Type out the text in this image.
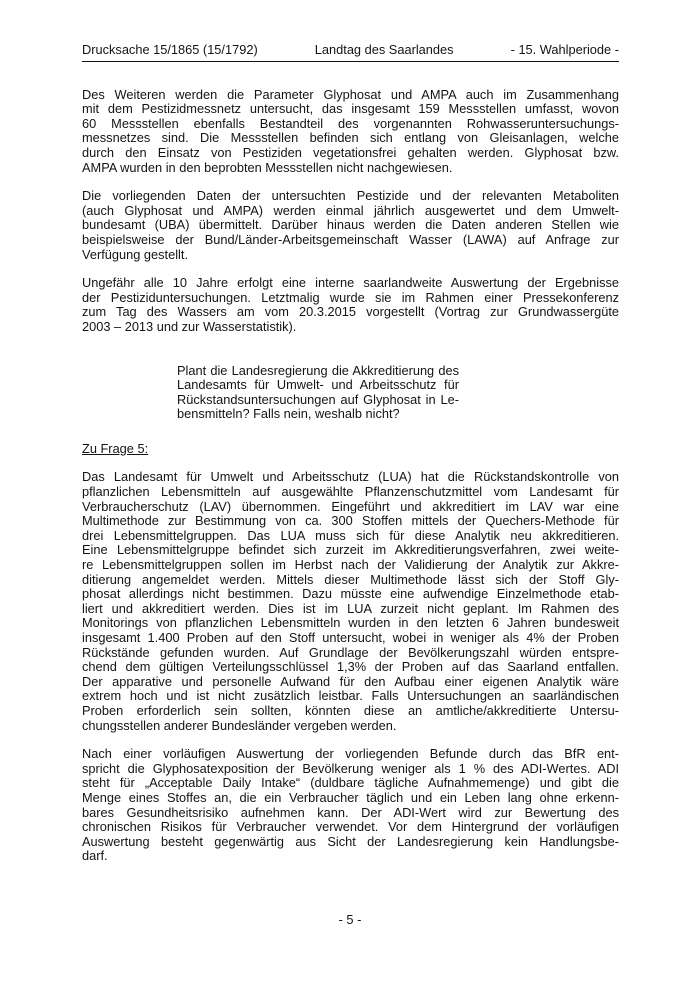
Drucksache 15/1865 (15/1792)	Landtag des Saarlandes	- 15. Wahlperiode -
Des Weiteren werden die Parameter Glyphosat und AMPA auch im Zusammenhang
mit dem Pestizidmessnetz untersucht, das insgesamt 159 Messstellen umfasst, wovon
60 Messstellen ebenfalls Bestandteil des vorgenannten Rohwasseruntersuchungs-
messnetzes sind. Die Messstellen befinden sich entlang von Gleisanlagen, welche
durch den Einsatz von Pestiziden vegetationsfrei gehalten werden. Glyphosat bzw.
AMPA wurden in den beprobten Messstellen nicht nachgewiesen.
Die vorliegenden Daten der untersuchten Pestizide und der relevanten Metaboliten
(auch Glyphosat und AMPA) werden einmal jährlich ausgewertet und dem Umwelt-
bundesamt (UBA) übermittelt. Darüber hinaus werden die Daten anderen Stellen wie
beispielsweise der Bund/Länder-Arbeitsgemeinschaft Wasser (LAWA) auf Anfrage zur
Verfügung gestellt.
Ungefähr alle 10 Jahre erfolgt eine interne saarlandweite Auswertung der Ergebnisse
der Pestiziduntersuchungen. Letztmalig wurde sie im Rahmen einer Pressekonferenz
zum Tag des Wassers am vom 20.3.2015 vorgestellt (Vortrag zur Grundwassergüte
2003 – 2013 und zur Wasserstatistik).
Plant die Landesregierung die Akkreditierung des
Landesamts für Umwelt- und Arbeitsschutz für
Rückstandsuntersuchungen auf Glyphosat in Le-
bensmitteln? Falls nein, weshalb nicht?
Zu Frage 5:
Das Landesamt für Umwelt und Arbeitsschutz (LUA) hat die Rückstandskontrolle von
pflanzlichen Lebensmitteln auf ausgewählte Pflanzenschutzmittel vom Landesamt für
Verbraucherschutz (LAV) übernommen. Eingeführt und akkreditiert im LAV war eine
Multimethode zur Bestimmung von ca. 300 Stoffen mittels der Quechers-Methode für
drei Lebensmittelgruppen. Das LUA muss sich für diese Analytik neu akkreditieren.
Eine Lebensmittelgruppe befindet sich zurzeit im Akkreditierungsverfahren, zwei weite-
re Lebensmittelgruppen sollen im Herbst nach der Validierung der Analytik zur Akkre-
ditierung angemeldet werden. Mittels dieser Multimethode lässt sich der Stoff Gly-
phosat allerdings nicht bestimmen. Dazu müsste eine aufwendige Einzelmethode etab-
liert und akkreditiert werden. Dies ist im LUA zurzeit nicht geplant. Im Rahmen des
Monitorings von pflanzlichen Lebensmitteln wurden in den letzten 6 Jahren bundesweit
insgesamt 1.400 Proben auf den Stoff untersucht, wobei in weniger als 4% der Proben
Rückstände gefunden wurden. Auf Grundlage der Bevölkerungszahl würden entspre-
chend dem gültigen Verteilungsschlüssel 1,3% der Proben auf das Saarland entfallen.
Der apparative und personelle Aufwand für den Aufbau einer eigenen Analytik wäre
extrem hoch und ist nicht zusätzlich leistbar. Falls Untersuchungen an saarländischen
Proben erforderlich sein sollten, könnten diese an amtliche/akkreditierte Untersu-
chungsstellen anderer Bundesländer vergeben werden.
Nach einer vorläufigen Auswertung der vorliegenden Befunde durch das BfR ent-
spricht die Glyphosatexposition der Bevölkerung weniger als 1 % des ADI-Wertes. ADI
steht für „Acceptable Daily Intake“ (duldbare tägliche Aufnahmemenge) und gibt die
Menge eines Stoffes an, die ein Verbraucher täglich und ein Leben lang ohne erkenn-
bares Gesundheitsrisiko aufnehmen kann. Der ADI-Wert wird zur Bewertung des
chronischen Risikos für Verbraucher verwendet. Vor dem Hintergrund der vorläufigen
Auswertung besteht gegenwärtig aus Sicht der Landesregierung kein Handlungsbe-
darf.
- 5 -
